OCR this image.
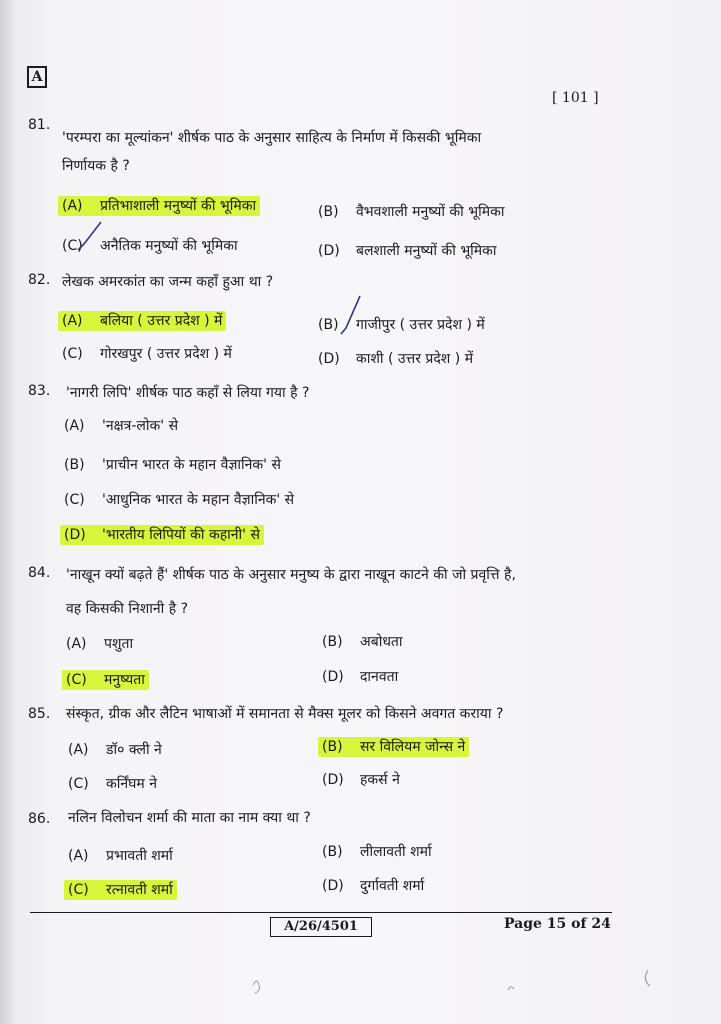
A
[ 101 ]
81.
'परम्परा का मूल्यांकन' शीर्षक पाठ के अनुसार साहित्य के निर्माण में किसकी भूमिका
निर्णायक है ?
(A) प्रतिभाशाली मनुष्यों की भूमिका	(B) वैभवशाली मनुष्यों की भूमिका
(C) अनैतिक मनुष्यों की भूमिका	(D) बलशाली मनुष्यों की भूमिका
82. लेखक अमरकांत का जन्म कहाँ हुआ था ?
(A) बलिया ( उत्तर प्रदेश ) में	(B) गाजीपुर ( उत्तर प्रदेश ) में
(C) गोरखपुर ( उत्तर प्रदेश ) में	(D) काशी ( उत्तर प्रदेश ) में
83. 'नागरी लिपि' शीर्षक पाठ कहाँ से लिया गया है ?
(A) 'नक्षत्र-लोक' से
(B) 'प्राचीन भारत के महान वैज्ञानिक' से
(C) 'आधुनिक भारत के महान वैज्ञानिक' से
(D) 'भारतीय लिपियों की कहानी' से
84. 'नाखून क्यों बढ़ते हैं' शीर्षक पाठ के अनुसार मनुष्य के द्वारा नाखून काटने की जो प्रवृत्ति है,
वह किसकी निशानी है ?
(A) पशुता	(B) अबोधता
(C) मनुष्यता	(D) दानवता
85. संस्कृत, ग्रीक और लैटिन भाषाओं में समानता से मैक्स मूलर को किसने अवगत कराया ?
(A) डॉ० क्ली ने	(B) सर विलियम जोन्स ने
(C) कर्निंघम ने	(D) हकर्स ने
86. नलिन विलोचन शर्मा की माता का नाम क्या था ?
(A) प्रभावती शर्मा	(B) लीलावती शर्मा
(C) रत्नावती शर्मा	(D) दुर्गावती शर्मा
A/26/4501	Page 15 of 24
